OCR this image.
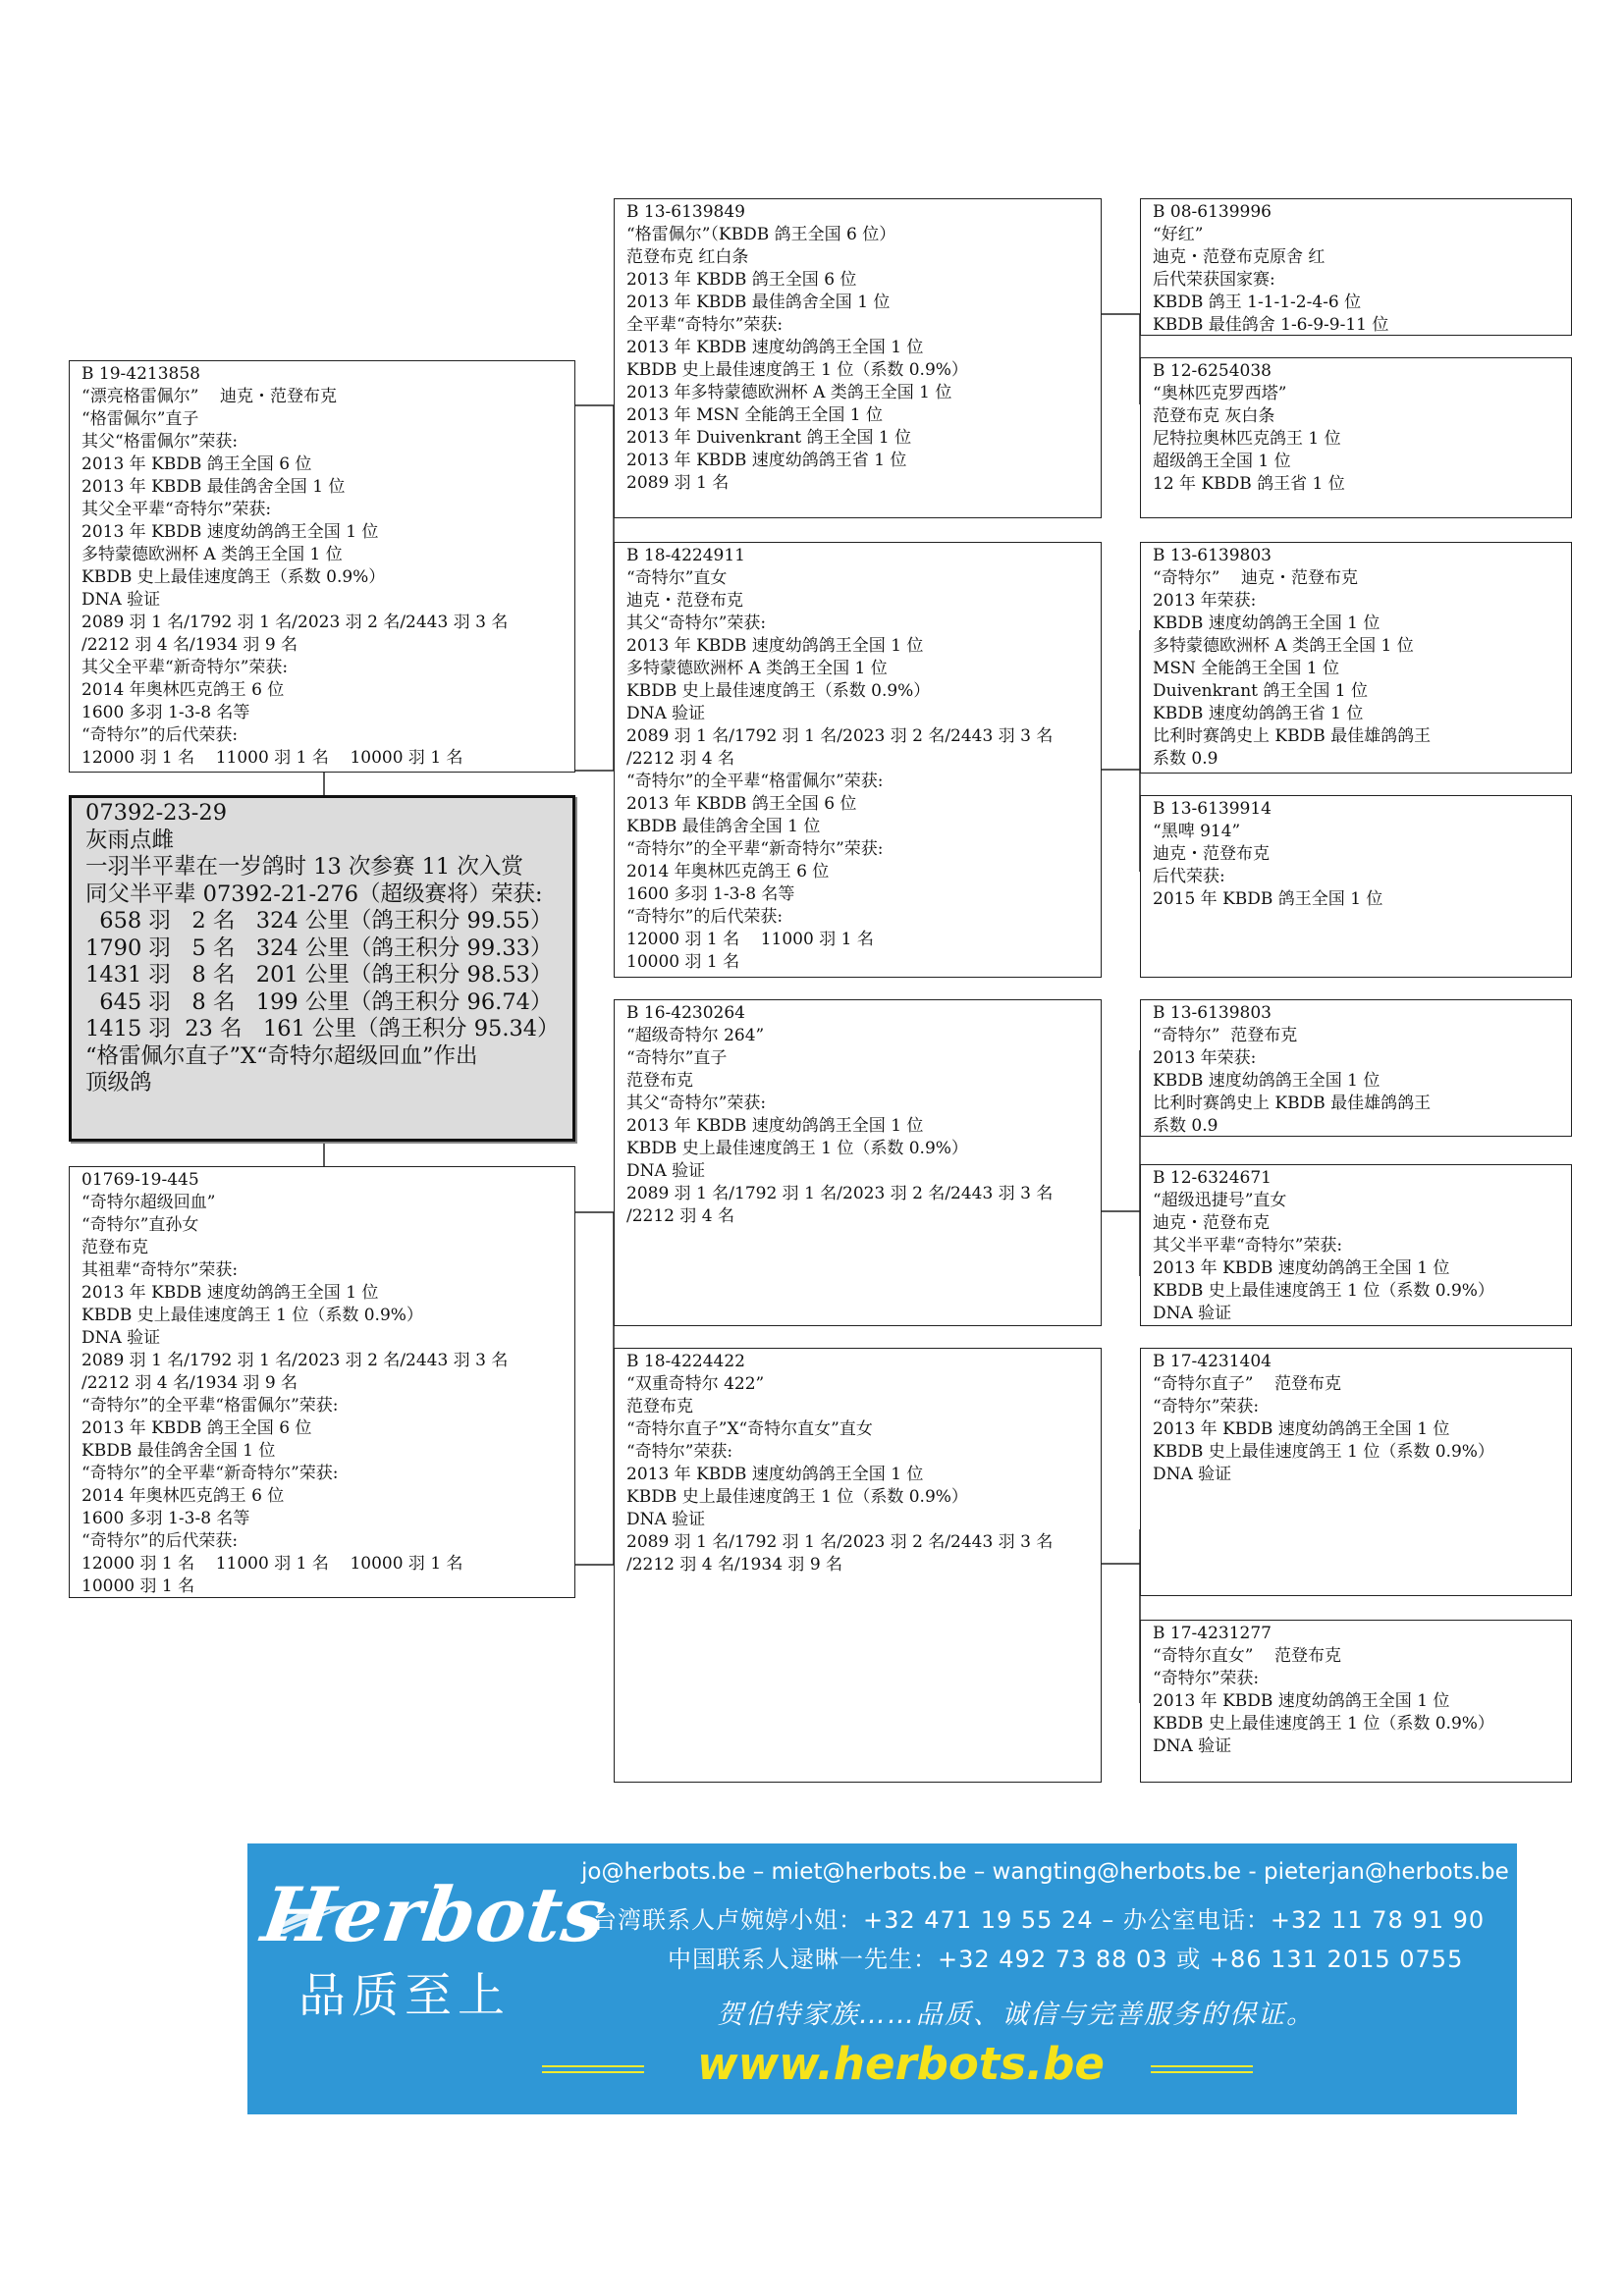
B 19-4213858
“漂亮格雷佩尔”    迪克・范登布克
“格雷佩尔”直子
其父“格雷佩尔”荣获:
2013 年 KBDB 鸽王全国 6 位
2013 年 KBDB 最佳鸽舍全国 1 位
其父全平辈“奇特尔”荣获:
2013 年 KBDB 速度幼鸽鸽王全国 1 位
多特蒙德欧洲杯 A 类鸽王全国 1 位
KBDB 史上最佳速度鸽王（系数 0.9%）
DNA 验证
2089 羽 1 名/1792 羽 1 名/2023 羽 2 名/2443 羽 3 名
/2212 羽 4 名/1934 羽 9 名
其父全平辈“新奇特尔”荣获:
2014 年奥林匹克鸽王 6 位
1600 多羽 1-3-8 名等
“奇特尔”的后代荣获:
12000 羽 1 名    11000 羽 1 名    10000 羽 1 名
07392-23-29
灰雨点雌
一羽半平辈在一岁鸽时 13 次参赛 11 次入赏
同父半平辈 07392-21-276（超级赛将）荣获:
658 羽   2 名   324 公里（鸽王积分 99.55）
1790 羽   5 名   324 公里（鸽王积分 99.33）
1431 羽   8 名   201 公里（鸽王积分 98.53）
645 羽   8 名   199 公里（鸽王积分 96.74）
1415 羽  23 名   161 公里（鸽王积分 95.34）
“格雷佩尔直子”X“奇特尔超级回血”作出
顶级鸽
01769-19-445
“奇特尔超级回血”
“奇特尔”直孙女
范登布克
其祖辈“奇特尔”荣获:
2013 年 KBDB 速度幼鸽鸽王全国 1 位
KBDB 史上最佳速度鸽王 1 位（系数 0.9%）
DNA 验证
2089 羽 1 名/1792 羽 1 名/2023 羽 2 名/2443 羽 3 名
/2212 羽 4 名/1934 羽 9 名
“奇特尔”的全平辈“格雷佩尔”荣获:
2013 年 KBDB 鸽王全国 6 位
KBDB 最佳鸽舍全国 1 位
“奇特尔”的全平辈“新奇特尔”荣获:
2014 年奥林匹克鸽王 6 位
1600 多羽 1-3-8 名等
“奇特尔”的后代荣获:
12000 羽 1 名    11000 羽 1 名    10000 羽 1 名
10000 羽 1 名
B 13-6139849
“格雷佩尔”（KBDB 鸽王全国 6 位）
范登布克 红白条
2013 年 KBDB 鸽王全国 6 位
2013 年 KBDB 最佳鸽舍全国 1 位
全平辈“奇特尔”荣获:
2013 年 KBDB 速度幼鸽鸽王全国 1 位
KBDB 史上最佳速度鸽王 1 位（系数 0.9%）
2013 年多特蒙德欧洲杯 A 类鸽王全国 1 位
2013 年 MSN 全能鸽王全国 1 位
2013 年 Duivenkrant 鸽王全国 1 位
2013 年 KBDB 速度幼鸽鸽王省 1 位
2089 羽 1 名
B 18-4224911
“奇特尔”直女
迪克・范登布克
其父“奇特尔”荣获:
2013 年 KBDB 速度幼鸽鸽王全国 1 位
多特蒙德欧洲杯 A 类鸽王全国 1 位
KBDB 史上最佳速度鸽王（系数 0.9%）
DNA 验证
2089 羽 1 名/1792 羽 1 名/2023 羽 2 名/2443 羽 3 名
/2212 羽 4 名
“奇特尔”的全平辈“格雷佩尔”荣获:
2013 年 KBDB 鸽王全国 6 位
KBDB 最佳鸽舍全国 1 位
“奇特尔”的全平辈“新奇特尔”荣获:
2014 年奥林匹克鸽王 6 位
1600 多羽 1-3-8 名等
“奇特尔”的后代荣获:
12000 羽 1 名    11000 羽 1 名
10000 羽 1 名
B 16-4230264
“超级奇特尔 264”
“奇特尔”直子
范登布克
其父“奇特尔”荣获:
2013 年 KBDB 速度幼鸽鸽王全国 1 位
KBDB 史上最佳速度鸽王 1 位（系数 0.9%）
DNA 验证
2089 羽 1 名/1792 羽 1 名/2023 羽 2 名/2443 羽 3 名
/2212 羽 4 名
B 18-4224422
“双重奇特尔 422”
范登布克
“奇特尔直子”X“奇特尔直女”直女
“奇特尔”荣获:
2013 年 KBDB 速度幼鸽鸽王全国 1 位
KBDB 史上最佳速度鸽王 1 位（系数 0.9%）
DNA 验证
2089 羽 1 名/1792 羽 1 名/2023 羽 2 名/2443 羽 3 名
/2212 羽 4 名/1934 羽 9 名
B 08-6139996
“好红”
迪克・范登布克原舍 红
后代荣获国家赛:
KBDB 鸽王 1-1-1-2-4-6 位
KBDB 最佳鸽舍 1-6-9-9-11 位
B 12-6254038
“奥林匹克罗西塔”
范登布克 灰白条
尼特拉奥林匹克鸽王 1 位
超级鸽王全国 1 位
12 年 KBDB 鸽王省 1 位
B 13-6139803
“奇特尔”    迪克・范登布克
2013 年荣获:
KBDB 速度幼鸽鸽王全国 1 位
多特蒙德欧洲杯 A 类鸽王全国 1 位
MSN 全能鸽王全国 1 位
Duivenkrant 鸽王全国 1 位
KBDB 速度幼鸽鸽王省 1 位
比利时赛鸽史上 KBDB 最佳雄鸽鸽王
系数 0.9
B 13-6139914
“黑啤 914”
迪克・范登布克
后代荣获:
2015 年 KBDB 鸽王全国 1 位
B 13-6139803
“奇特尔”  范登布克
2013 年荣获:
KBDB 速度幼鸽鸽王全国 1 位
比利时赛鸽史上 KBDB 最佳雄鸽鸽王
系数 0.9
B 12-6324671
“超级迅捷号”直女
迪克・范登布克
其父半平辈“奇特尔”荣获:
2013 年 KBDB 速度幼鸽鸽王全国 1 位
KBDB 史上最佳速度鸽王 1 位（系数 0.9%）
DNA 验证
B 17-4231404
“奇特尔直子”    范登布克
“奇特尔”荣获:
2013 年 KBDB 速度幼鸽鸽王全国 1 位
KBDB 史上最佳速度鸽王 1 位（系数 0.9%）
DNA 验证
B 17-4231277
“奇特尔直女”    范登布克
“奇特尔”荣获:
2013 年 KBDB 速度幼鸽鸽王全国 1 位
KBDB 史上最佳速度鸽王 1 位（系数 0.9%）
DNA 验证
Herbots
品质至上
jo@herbots.be – miet@herbots.be – wangting@herbots.be - pieterjan@herbots.be
台湾联系人卢婉婷小姐：+32 471 19 55 24 – 办公室电话：+32 11 78 91 90
中国联系人逯晽一先生：+32 492 73 88 03 或 +86 131 2015 0755
贺伯特家族……品质、诚信与完善服务的保证。
www.herbots.be
